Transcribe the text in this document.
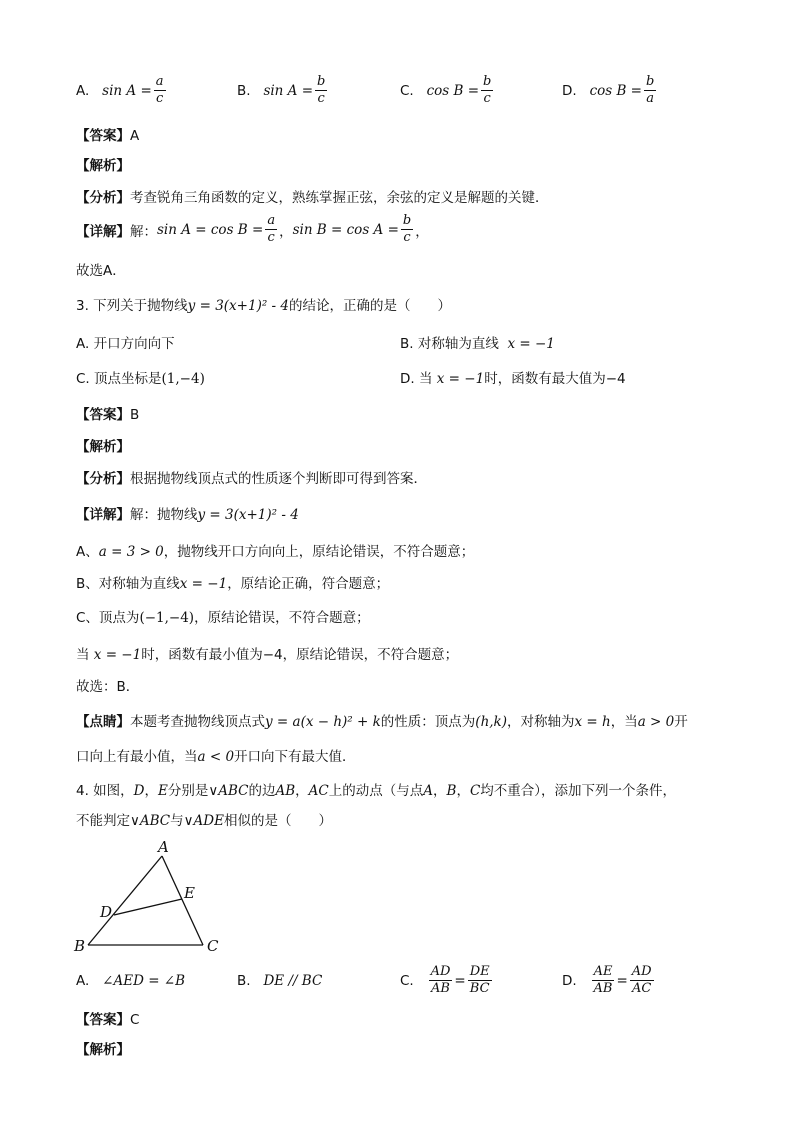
A.
$\sin A = \frac{a}{c}$	B.
$\sin A = \frac{b}{c}$	C.
$\cos B = \frac{b}{c}$	D.
$\cos B = \frac{b}{a}$
【答案】A
【解析】
【分析】考查锐角三角函数的定义，熟练掌握正弦，余弦的定义是解题的关键．
【详解】 解： $\sin A = \cos B = \frac{a}{c}$ ， $\sin B = \cos A = \frac{b}{c}$ ，
故选A．
3. 下列关于抛物线y = 3(x+1)² - 4的结论，正确的是（　　）
A. 开口方向向下	B. 对称轴为直线 x = −1
C. 顶点坐标是(1,−4)	D. 当 x = −1时，函数有最大值为−4
【答案】B
【解析】
【分析】根据抛物线顶点式的性质逐个判断即可得到答案．
【详解】解：抛物线y = 3(x+1)² - 4
A、a = 3 > 0，抛物线开口方向向上，原结论错误，不符合题意；
B、对称轴为直线x = −1，原结论正确，符合题意；
C、顶点为(−1,−4)，原结论错误，不符合题意；
当 x = −1时，函数有最小值为−4，原结论错误，不符合题意；
故选：B．
【点睛】本题考查抛物线顶点式y = a(x − h)² + k的性质：顶点为(h,k)，对称轴为x = h，当a > 0开
口向上有最小值，当a < 0开口向下有最大值．
4. 如图，D，E分别是∨ABC的边AB，AC上的动点（与点A，B，C均不重合），添加下列一个条件，
不能判定∨ABC与∨ADE相似的是（　　）
A
B	C
D
E
A.
∠AED = ∠B	B.
DE // BC	C.
$\frac{AD}{AB} = \frac{DE}{BC}$	D.
$\frac{AE}{AB} = \frac{AD}{AC}$
【答案】C
【解析】
